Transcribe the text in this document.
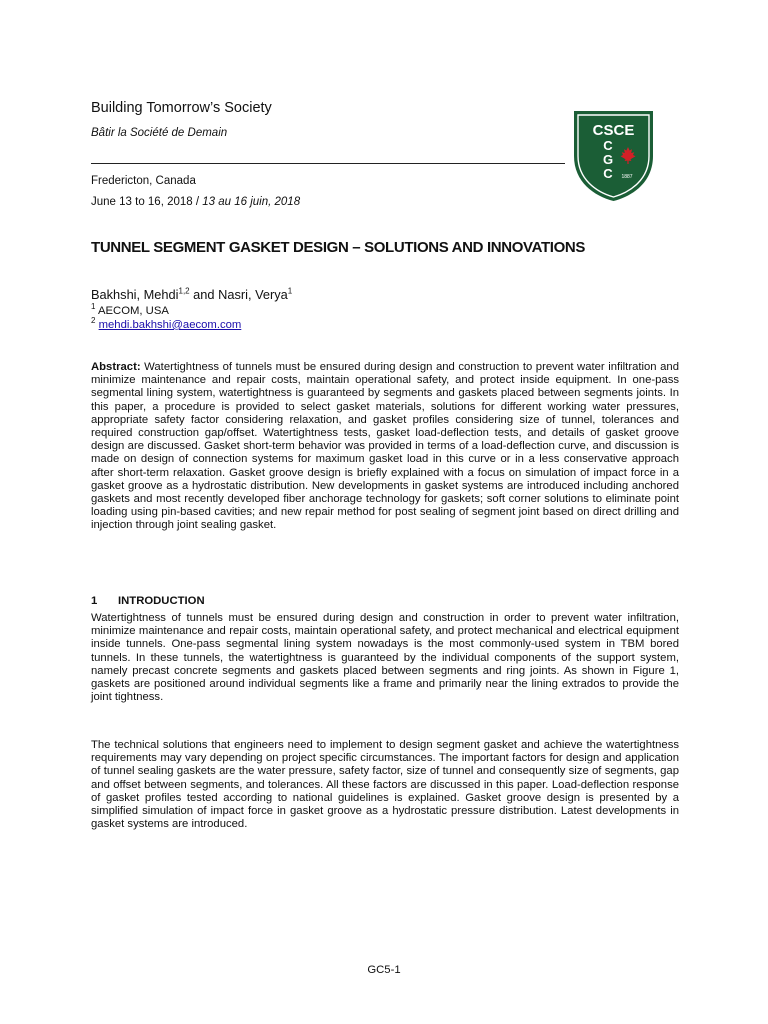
Building Tomorrow’s Society
Bâtir la Société de Demain
Fredericton, Canada
June 13 to 16, 2018 / 13 au 16 juin, 2018
CSCE
C
G
C 1887
TUNNEL SEGMENT GASKET DESIGN – SOLUTIONS AND INNOVATIONS
Bakhshi, Mehdi$^{1,2}$ and Nasri, Verya$^1$
$^1$ AECOM, USA
$^2$ mehdi.bakhshi@aecom.com
Abstract: Watertightness of tunnels must be ensured during design and construction to prevent water infiltration and minimize maintenance and repair costs, maintain operational safety, and protect inside equipment. In one-pass segmental lining system, watertightness is guaranteed by segments and gaskets placed between segments joints. In this paper, a procedure is provided to select gasket materials, solutions for different working water pressures, appropriate safety factor considering relaxation, and gasket profiles considering size of tunnel, tolerances and required construction gap/offset. Watertightness tests, gasket load-deflection tests, and details of gasket groove design are discussed. Gasket short-term behavior was provided in terms of a load-deflection curve, and discussion is made on design of connection systems for maximum gasket load in this curve or in a less conservative approach after short-term relaxation. Gasket groove design is briefly explained with a focus on simulation of impact force in a gasket groove as a hydrostatic distribution. New developments in gasket systems are introduced including anchored gaskets and most recently developed fiber anchorage technology for gaskets; soft corner solutions to eliminate point loading using pin-based cavities; and new repair method for post sealing of segment joint based on direct drilling and injection through joint sealing gasket.
1 INTRODUCTION
Watertightness of tunnels must be ensured during design and construction in order to prevent water infiltration, minimize maintenance and repair costs, maintain operational safety, and protect mechanical and electrical equipment inside tunnels. One-pass segmental lining system nowadays is the most commonly-used system in TBM bored tunnels. In these tunnels, the watertightness is guaranteed by the individual components of the support system, namely precast concrete segments and gaskets placed between segments and ring joints. As shown in Figure 1, gaskets are positioned around individual segments like a frame and primarily near the lining extrados to provide the joint tightness.
The technical solutions that engineers need to implement to design segment gasket and achieve the watertightness requirements may vary depending on project specific circumstances. The important factors for design and application of tunnel sealing gaskets are the water pressure, safety factor, size of tunnel and consequently size of segments, gap and offset between segments, and tolerances. All these factors are discussed in this paper. Load-deflection response of gasket profiles tested according to national guidelines is explained. Gasket groove design is presented by a simplified simulation of impact force in gasket groove as a hydrostatic pressure distribution. Latest developments in gasket systems are introduced.
GC5-1
